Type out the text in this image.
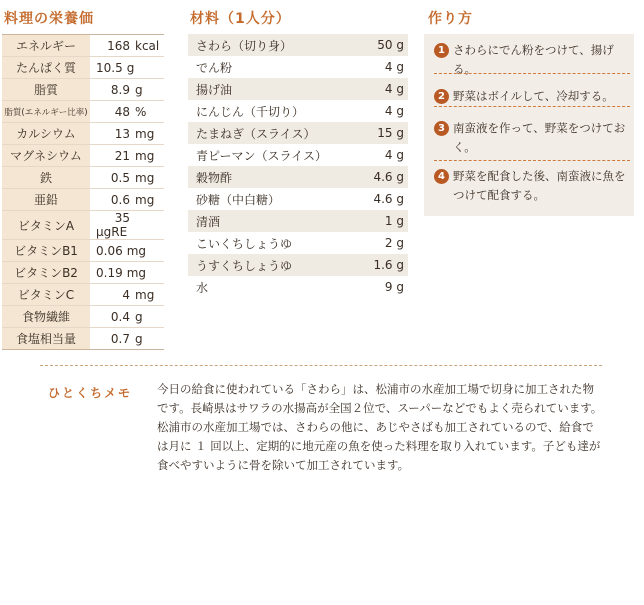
料理の栄養価	材料（1人分）	作り方
エネルギー	168 kcal
たんぱく質	10.5 g
脂質	8.9 g
脂質(エネルギー比率)	48 %
カルシウム	13 mg
マグネシウム	21 mg
鉄	0.5 mg
亜鉛	0.6 mg
ビタミンA	35μgRE
ビタミンB1	0.06 mg
ビタミンB2	0.19 mg
ビタミンC	4 mg
食物繊維	0.4 g
食塩相当量	0.7 g
さわら（切り身）	50 g
でん粉	4 g
揚げ油	4 g
にんじん（千切り）	4 g
たまねぎ（スライス）	15 g
青ピーマン（スライス）	4 g
穀物酢	4.6 g
砂糖（中白糖）	4.6 g
清酒	1 g
こいくちしょうゆ	2 g
うすくちしょうゆ	1.6 g
水	9 g
1 さわらにでん粉をつけて、揚げる。
2 野菜はボイルして、冷却する。
3 南蛮液を作って、野菜をつけておく。
4 野菜を配食した後、南蛮液に魚をつけて配食する。
ひとくちメモ 今日の給食に使われている「さわら」は、松浦市の水産加工場で切身に加工された物です。長崎県はサワラの水揚高が全国２位で、スーパーなどでもよく売られています。松浦市の水産加工場では、さわらの他に、あじやさばも加工されているので、給食では月に １ 回以上、定期的に地元産の魚を使った料理を取り入れています。子ども達が食べやすいように骨を除いて加工されています。
